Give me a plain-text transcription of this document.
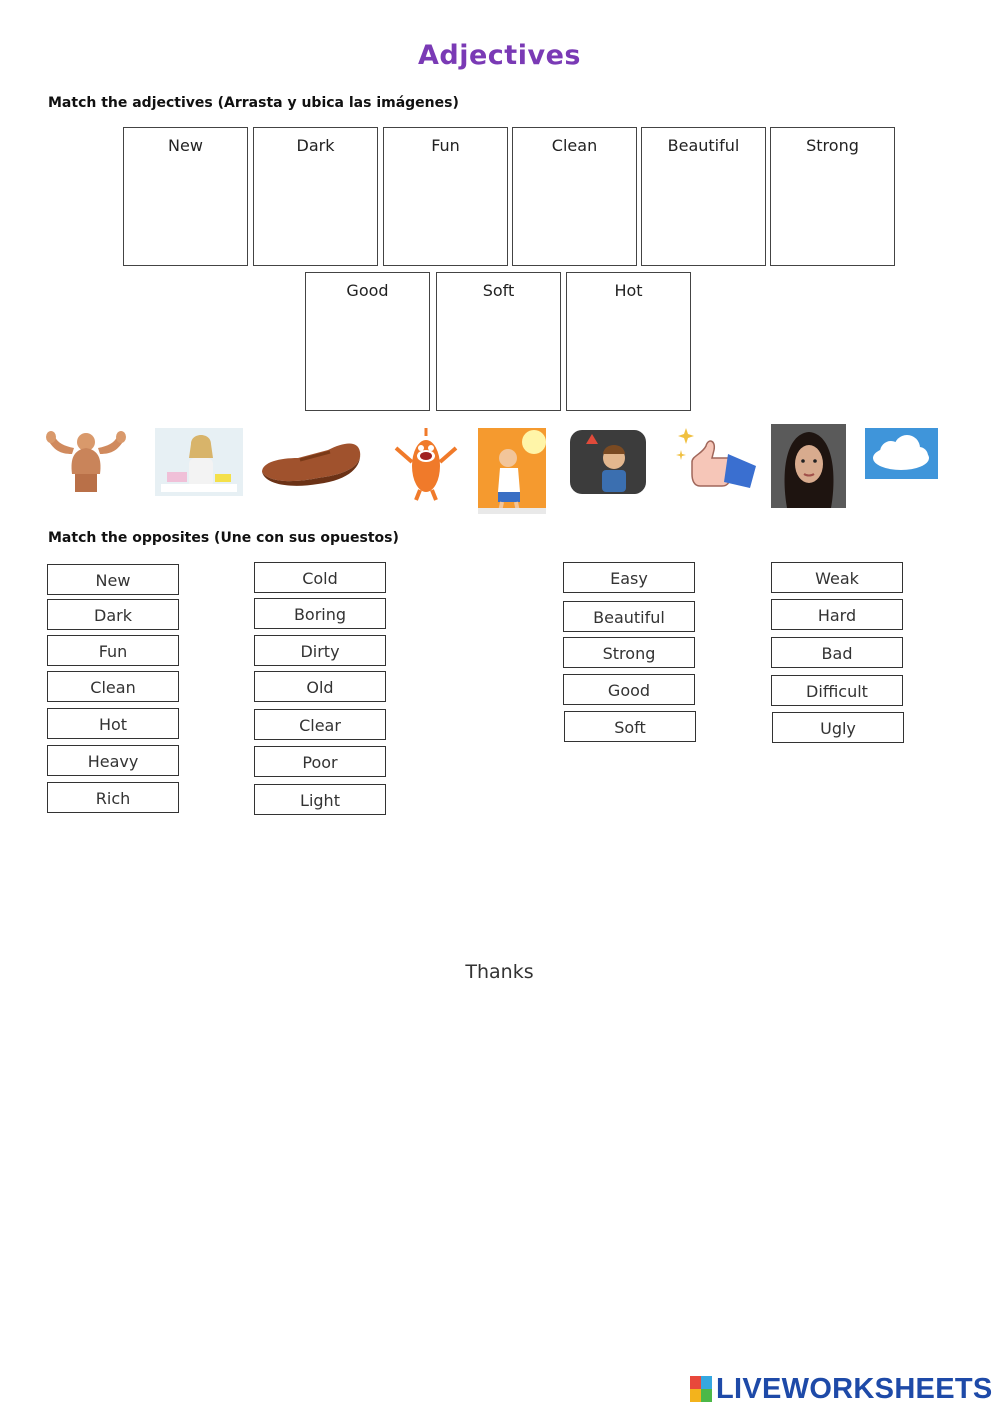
Adjectives
Match the adjectives (Arrasta y ubica las imágenes)
New	Dark	Fun	Clean	Beautiful	Strong
Good	Soft	Hot
Match the opposites (Une con sus opuestos)
New
Dark
Fun
Clean
Hot
Heavy
Rich
Cold
Boring
Dirty
Old
Clear
Poor
Light
Easy
Beautiful
Strong
Good
Soft
Weak
Hard
Bad
Difficult
Ugly
Thanks
LIVEWORKSHEETS
